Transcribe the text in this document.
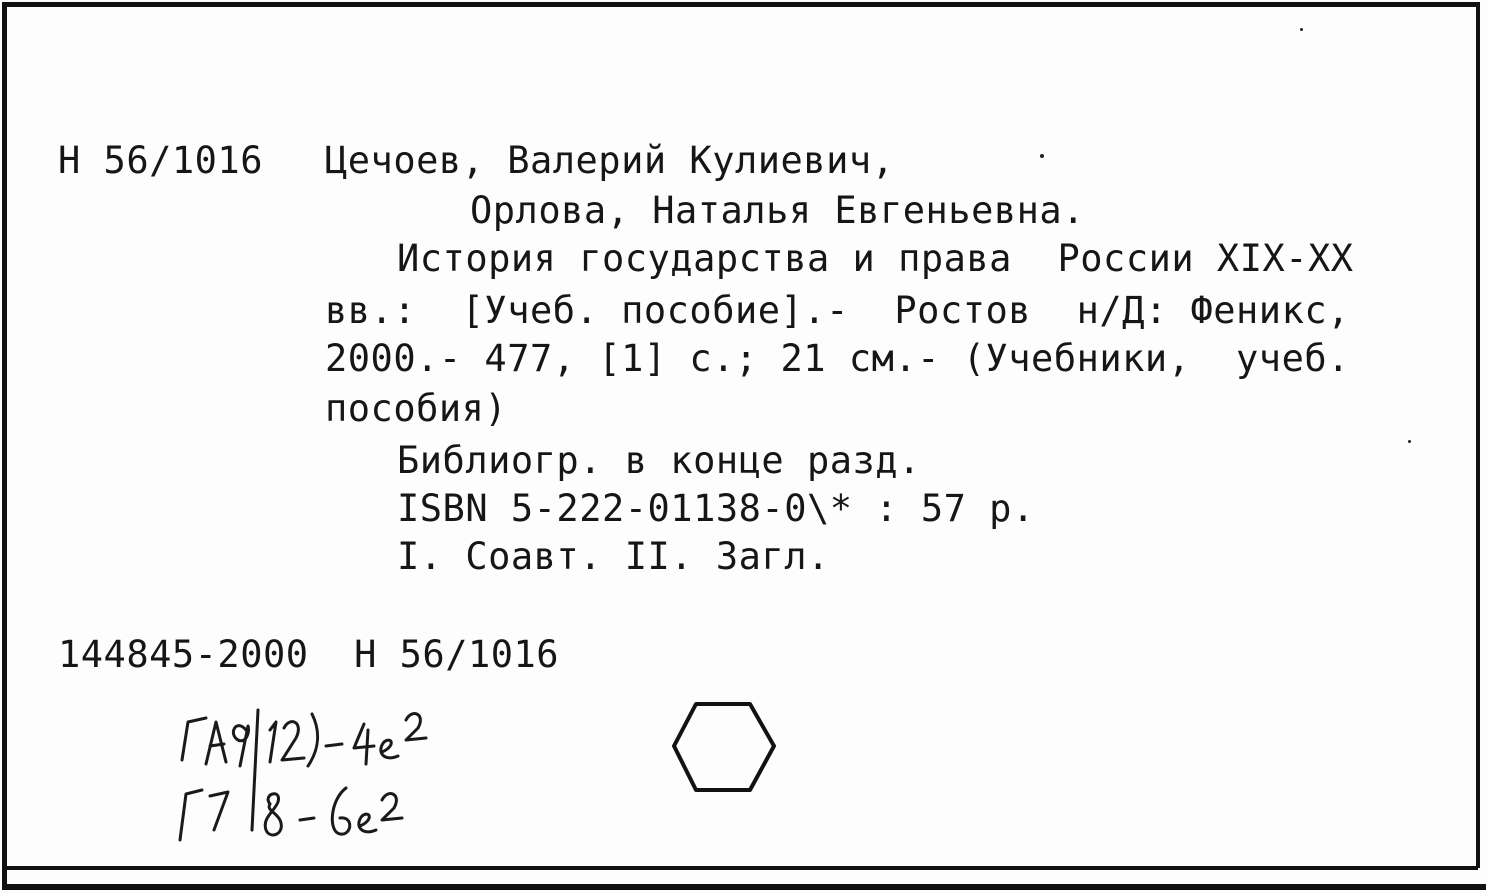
Н 56/1016 Цечоев, Валерий Кулиевич,
Орлова, Наталья Евгеньевна.
История государства и права  России XIX-XX
вв.:  [Учеб. пособие].-  Ростов  н/Д: Феникс,
2000.- 477, [1] с.; 21 см.- (Учебники,  учеб.
пособия)
Библиогр. в конце разд.
ISBN 5-222-01138-0\* : 57 р.
I. Соавт. II. Загл.
144845-2000  Н 56/1016
